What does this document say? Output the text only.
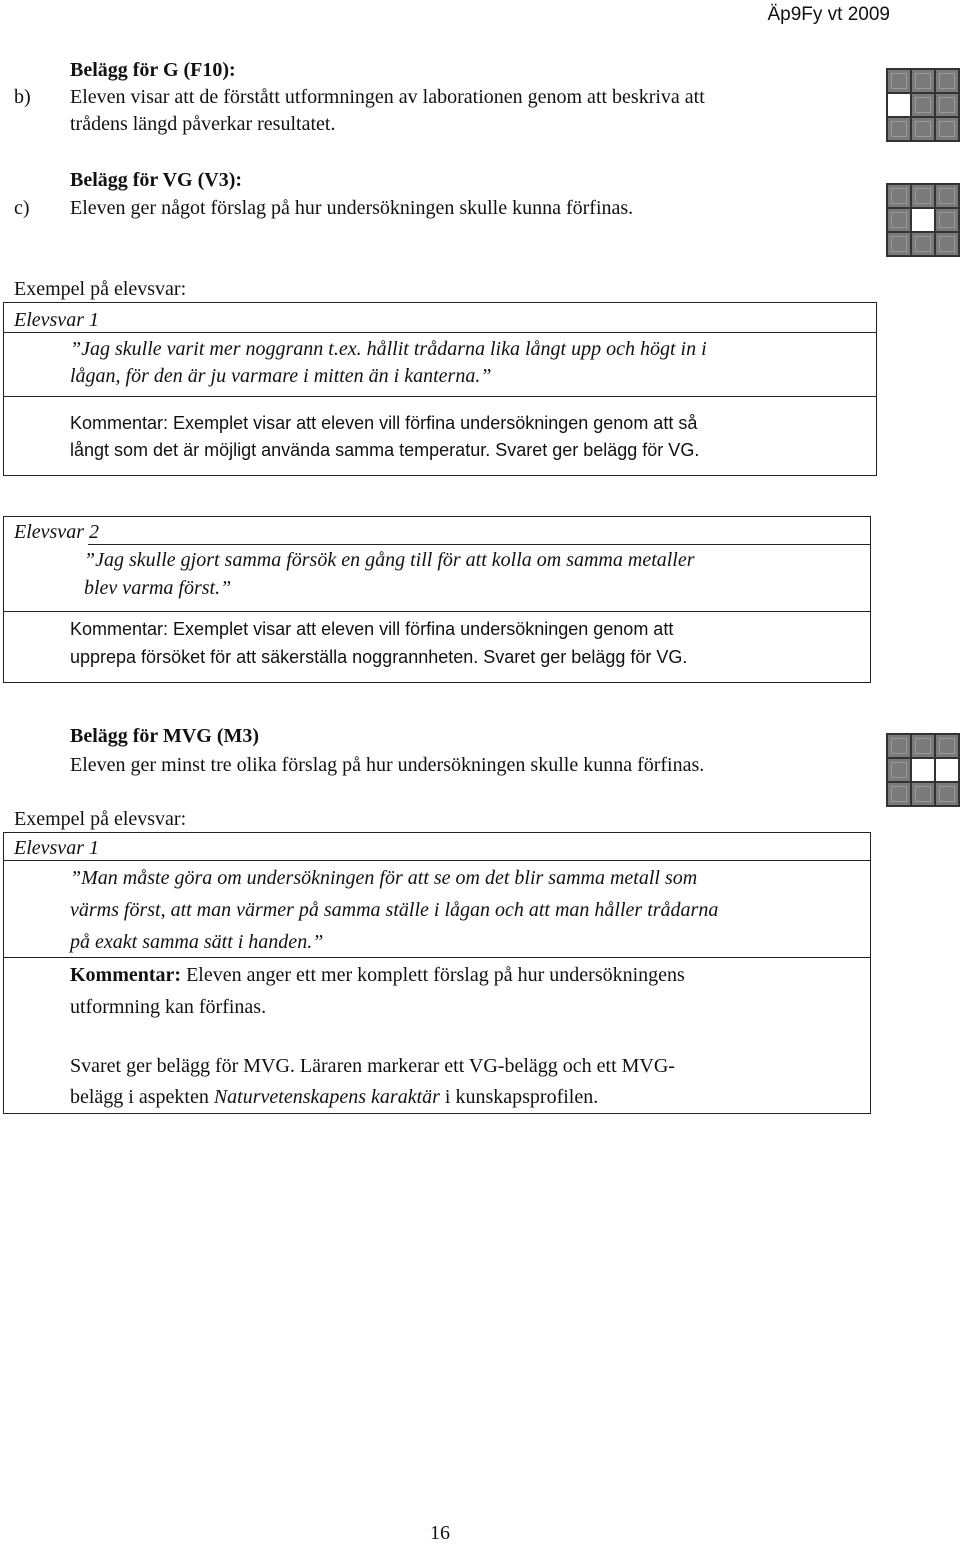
Äp9Fy vt 2009
Belägg för G (F10):
b) Eleven visar att de förstått utformningen av laborationen genom att beskriva att
trådens längd påverkar resultatet.
Belägg för VG (V3):
c) Eleven ger något förslag på hur undersökningen skulle kunna förfinas.
Exempel på elevsvar:
Elevsvar 1
”Jag skulle varit mer noggrann t.ex. hållit trådarna lika långt upp och högt in i
lågan, för den är ju varmare i mitten än i kanterna.”
Kommentar: Exemplet visar att eleven vill förfina undersökningen genom att så
långt som det är möjligt använda samma temperatur. Svaret ger belägg för VG.
Elevsvar 2
”Jag skulle gjort samma försök en gång till för att kolla om samma metaller
blev varma först.”
Kommentar: Exemplet visar att eleven vill förfina undersökningen genom att
upprepa försöket för att säkerställa noggrannheten. Svaret ger belägg för VG.
Belägg för MVG (M3)
Eleven ger minst tre olika förslag på hur undersökningen skulle kunna förfinas.
Exempel på elevsvar:
Elevsvar 1
”Man måste göra om undersökningen för att se om det blir samma metall som
värms först, att man värmer på samma ställe i lågan och att man håller trådarna
på exakt samma sätt i handen.”
Kommentar: Eleven anger ett mer komplett förslag på hur undersökningens
utformning kan förfinas.
Svaret ger belägg för MVG. Läraren markerar ett VG-belägg och ett MVG-
belägg i aspekten Naturvetenskapens karaktär i kunskapsprofilen.
16
